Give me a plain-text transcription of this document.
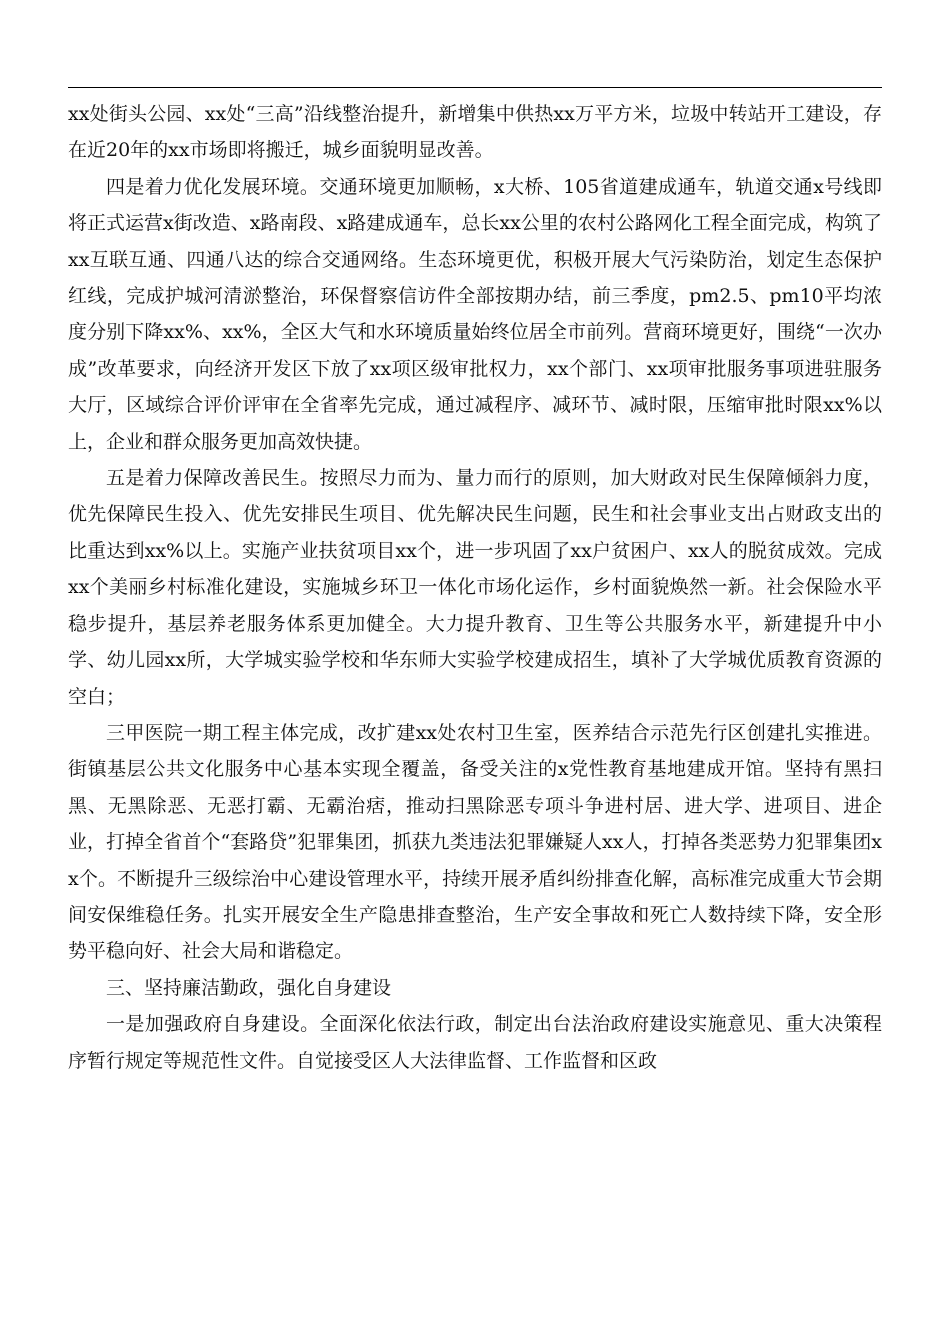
xx处街头公园、xx处“三高”沿线整治提升，新增集中供热xx万平方米，垃圾中转站开工建设，存在近20年的xx市场即将搬迁，城乡面貌明显改善。

四是着力优化发展环境。交通环境更加顺畅，x大桥、105省道建成通车，轨道交通x号线即将正式运营x街改造、x路南段、x路建成通车，总长xx公里的农村公路网化工程全面完成，构筑了xx互联互通、四通八达的综合交通网络。生态环境更优，积极开展大气污染防治，划定生态保护红线，完成护城河清淤整治，环保督察信访件全部按期办结，前三季度，pm2.5、pm10平均浓度分别下降xx%、xx%，全区大气和水环境质量始终位居全市前列。营商环境更好，围绕“一次办成”改革要求，向经济开发区下放了xx项区级审批权力，xx个部门、xx项审批服务事项进驻服务大厅，区域综合评价评审在全省率先完成，通过减程序、减环节、减时限，压缩审批时限xx%以上，企业和群众服务更加高效快捷。

五是着力保障改善民生。按照尽力而为、量力而行的原则，加大财政对民生保障倾斜力度，优先保障民生投入、优先安排民生项目、优先解决民生问题，民生和社会事业支出占财政支出的比重达到xx%以上。实施产业扶贫项目xx个，进一步巩固了xx户贫困户、xx人的脱贫成效。完成xx个美丽乡村标准化建设，实施城乡环卫一体化市场化运作，乡村面貌焕然一新。社会保险水平稳步提升，基层养老服务体系更加健全。大力提升教育、卫生等公共服务水平，新建提升中小学、幼儿园xx所，大学城实验学校和华东师大实验学校建成招生，填补了大学城优质教育资源的空白；

三甲医院一期工程主体完成，改扩建xx处农村卫生室，医养结合示范先行区创建扎实推进。街镇基层公共文化服务中心基本实现全覆盖，备受关注的x党性教育基地建成开馆。坚持有黑扫黑、无黑除恶、无恶打霸、无霸治痞，推动扫黑除恶专项斗争进村居、进大学、进项目、进企业，打掉全省首个“套路贷”犯罪集团，抓获九类违法犯罪嫌疑人xx人，打掉各类恶势力犯罪集团xx个。不断提升三级综治中心建设管理水平，持续开展矛盾纠纷排查化解，高标准完成重大节会期间安保维稳任务。扎实开展安全生产隐患排查整治，生产安全事故和死亡人数持续下降，安全形势平稳向好、社会大局和谐稳定。

三、坚持廉洁勤政，强化自身建设

一是加强政府自身建设。全面深化依法行政，制定出台法治政府建设实施意见、重大决策程序暂行规定等规范性文件。自觉接受区人大法律监督、工作监督和区政
